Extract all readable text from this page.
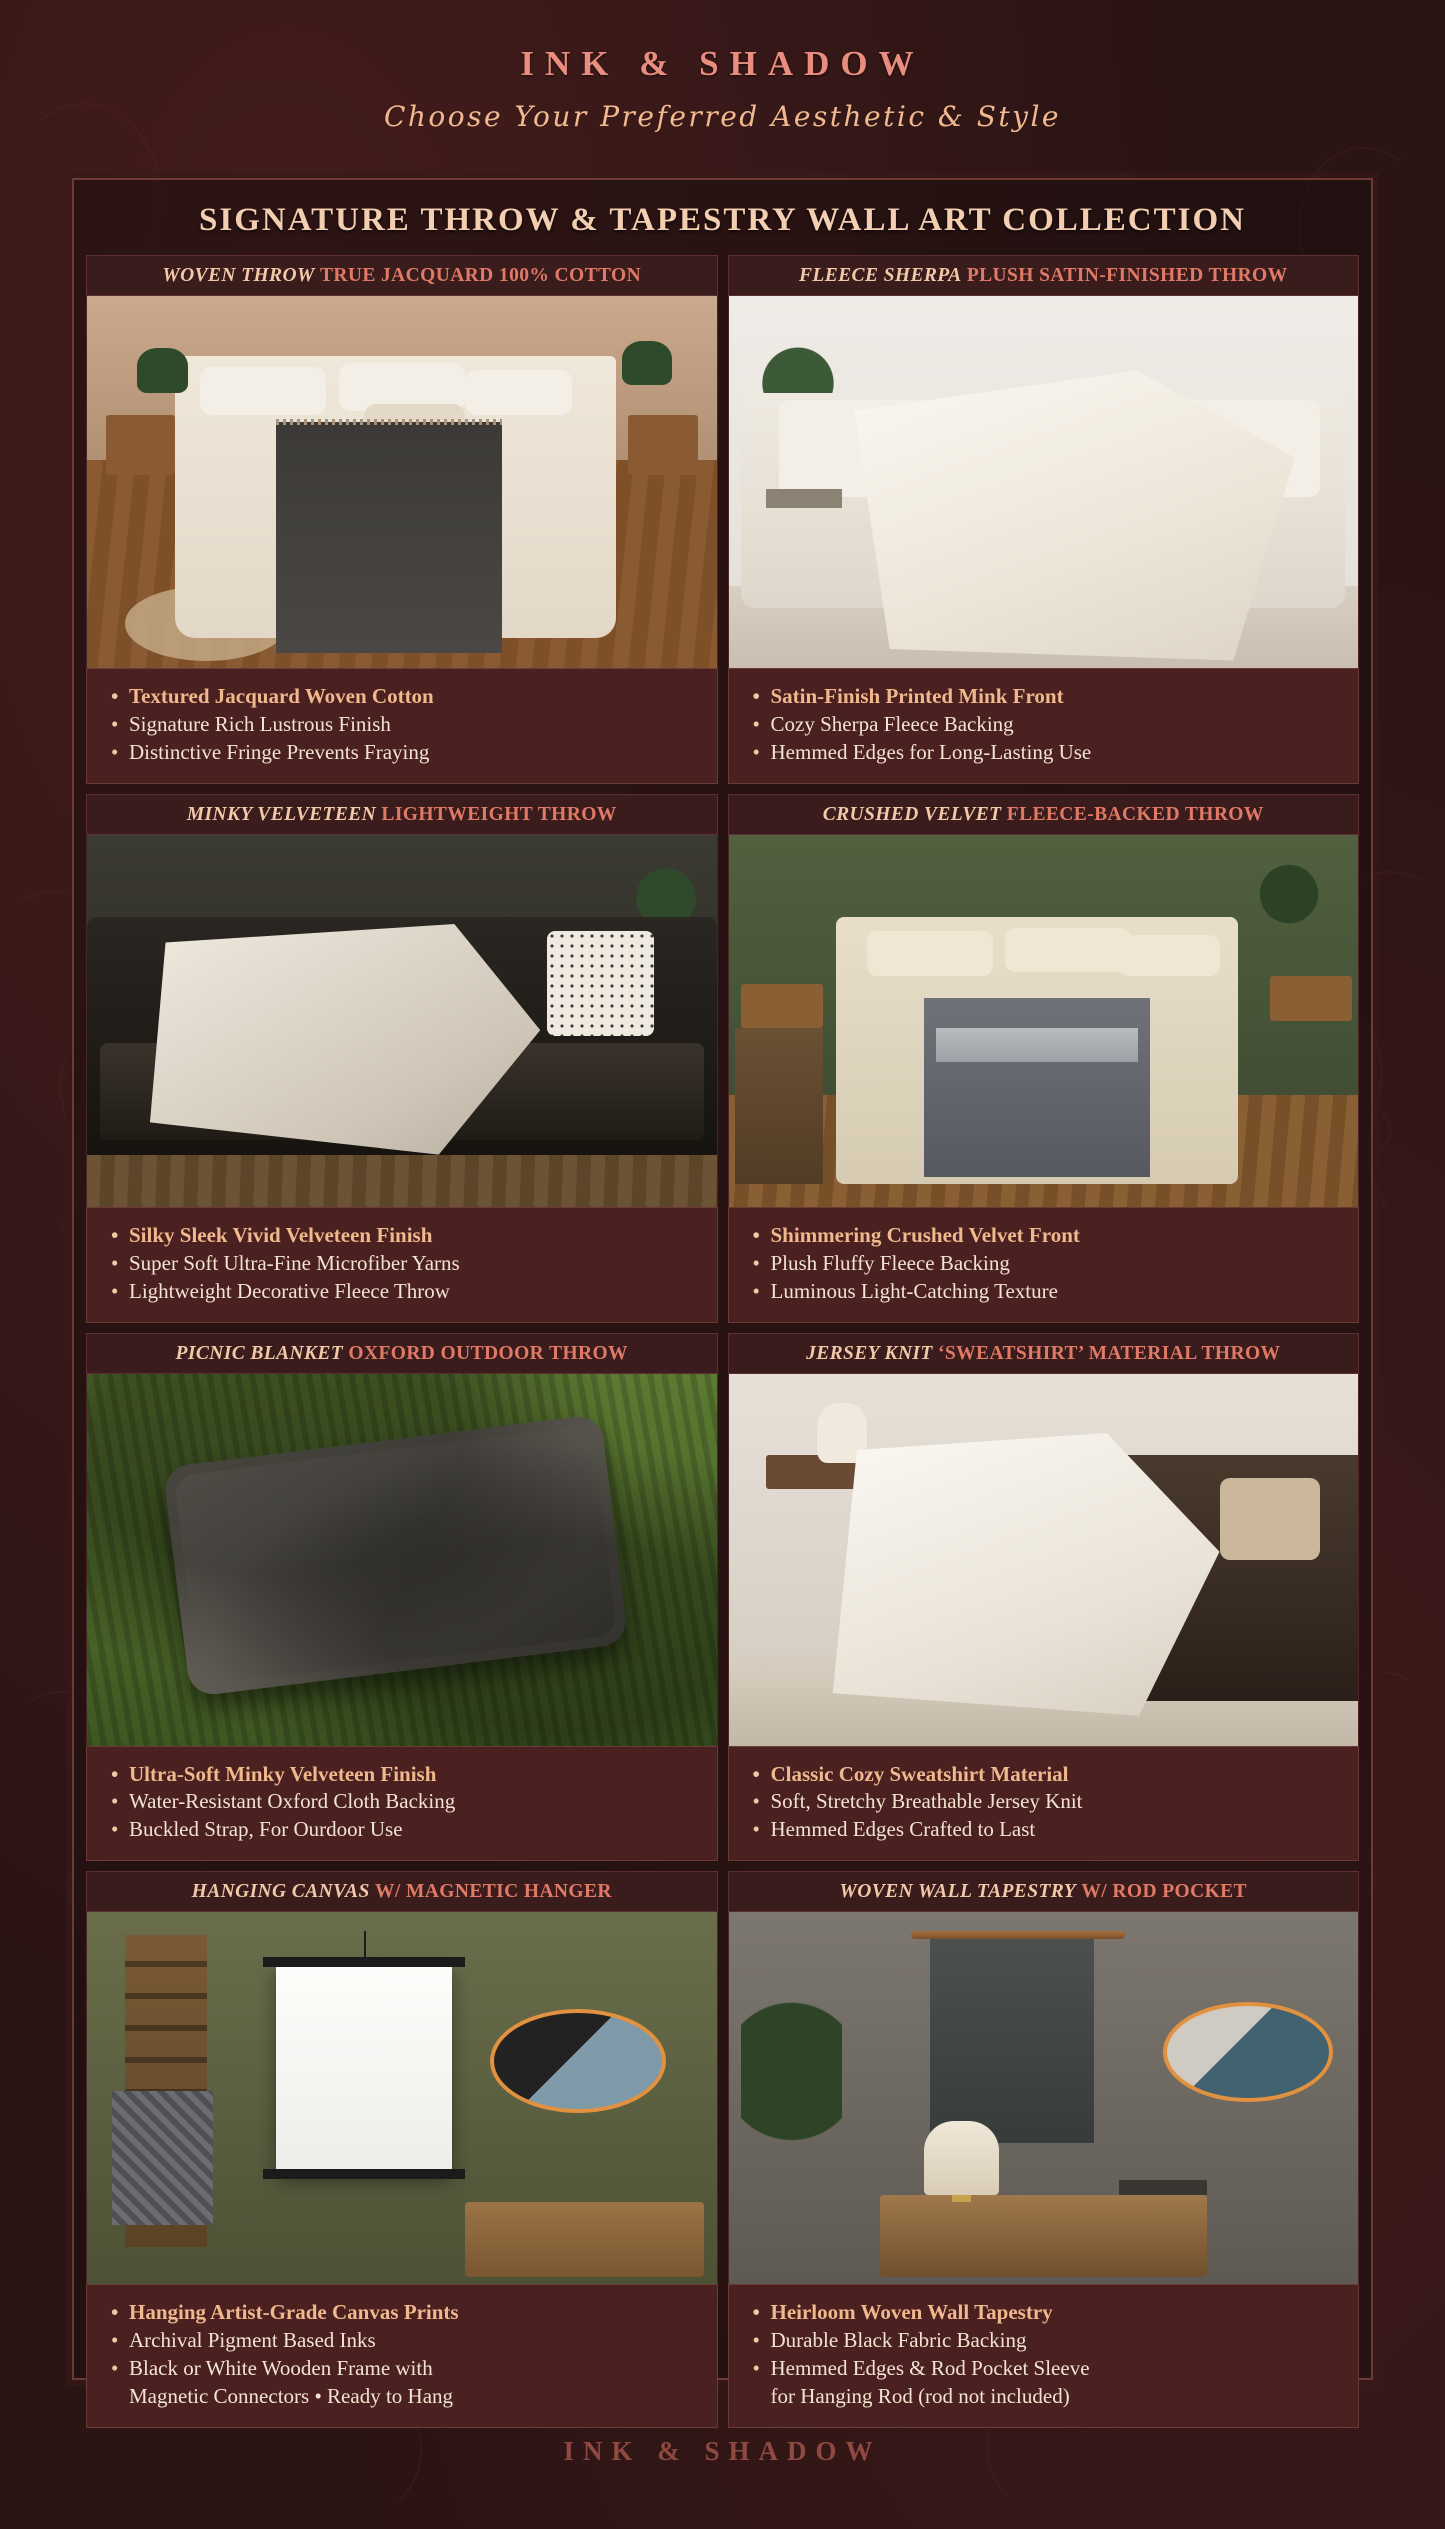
INK & SHADOW
Choose Your Preferred Aesthetic & Style
SIGNATURE THROW & TAPESTRY WALL ART COLLECTION
WOVEN THROW TRUE JACQUARD 100% COTTON
• Textured Jacquard Woven Cotton
• Signature Rich Lustrous Finish
• Distinctive Fringe Prevents Fraying
FLEECE SHERPA PLUSH SATIN-FINISHED THROW
• Satin-Finish Printed Mink Front
• Cozy Sherpa Fleece Backing
• Hemmed Edges for Long-Lasting Use
MINKY VELVETEEN LIGHTWEIGHT THROW
• Silky Sleek Vivid Velveteen Finish
• Super Soft Ultra-Fine Microfiber Yarns
• Lightweight Decorative Fleece Throw
CRUSHED VELVET FLEECE-BACKED THROW
• Shimmering Crushed Velvet Front
• Plush Fluffy Fleece Backing
• Luminous Light-Catching Texture
PICNIC BLANKET OXFORD OUTDOOR THROW
• Ultra-Soft Minky Velveteen Finish
• Water-Resistant Oxford Cloth Backing
• Buckled Strap, For Ourdoor Use
JERSEY KNIT ‘SWEATSHIRT’ MATERIAL THROW
• Classic Cozy Sweatshirt Material
• Soft, Stretchy Breathable Jersey Knit
• Hemmed Edges Crafted to Last
HANGING CANVAS W/ MAGNETIC HANGER
• Hanging Artist-Grade Canvas Prints
• Archival Pigment Based Inks
• Black or White Wooden Frame with
Magnetic Connectors • Ready to Hang
WOVEN WALL TAPESTRY W/ ROD POCKET
• Heirloom Woven Wall Tapestry
• Durable Black Fabric Backing
• Hemmed Edges & Rod Pocket Sleeve
for Hanging Rod (rod not included)
INK & SHADOW
